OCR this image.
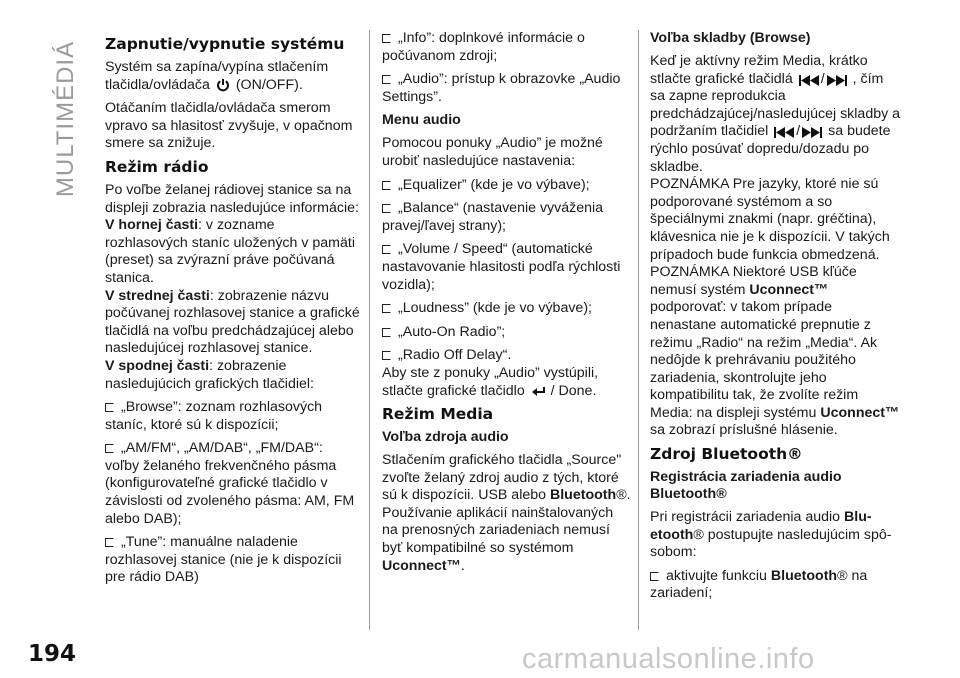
MULTIMÉDIÁ Zapnutie/vypnutie systému

Systém sa zapína/vypína stlačením tlačidla/ovládača (ON/OFF).

Otáčaním tlačidla/ovládača smerom vpravo sa hlasitosť zvyšuje, v opačnom smere sa znižuje.

Režim rádio

Po voľbe želanej rádiovej stanice sa na displeji zobrazia nasledujúce informácie:

V hornej časti: v zozname rozhlasových staníc uložených v pamäti (preset) sa zvýrazní práve počúvaná stanica.

V strednej časti: zobrazenie názvu počúvanej rozhlasovej stanice a grafické tlačidlá na voľbu predchádzajúcej alebo nasledujúcej rozhlasovej stanice.

V spodnej časti: zobrazenie nasledujúcich grafických tlačidiel:

„Browse”: zoznam rozhlasových staníc, ktoré sú k dispozícii;

„AM/FM“, „AM/DAB“, „FM/DAB“: voľby želaného frekvenčného pásma (konfigurovateľné grafické tlačidlo v závislosti od zvoleného pásma: AM, FM alebo DAB);

„Tune”: manuálne naladenie rozhlasovej stanice (nie je k dispozícii pre rádio DAB)

„Info”: doplnkové informácie o počúvanom zdroji;

„Audio”: prístup k obrazovke „Audio Settings”.

Menu audio

Pomocou ponuky „Audio” je možné urobiť nasledujúce nastavenia:

„Equalizer” (kde je vo výbave);

„Balance“ (nastavenie vyváženia pravej/ľavej strany);

„Volume / Speed“ (automatické nastavovanie hlasitosti podľa rýchlosti vozidla);

„Loudness” (kde je vo výbave);

„Auto-On Radio”;

„Radio Off Delay“.

Aby ste z ponuky „Audio” vystúpili, stlačte grafické tlačidlo / Done.

Režim Media
Voľba zdroja audio

Stlačením grafického tlačidla „Source" zvoľte želaný zdroj audio z tých, ktoré sú k dispozícii. USB alebo Bluetooth®. Používanie aplikácií nainštalovaných na prenosných zariadeniach nemusí byť kompatibilné so systémom Uconnect™.

Voľba skladby (Browse)

Keď je aktívny režim Media, krátko stlačte grafické tlačidlá / , čím sa zapne reprodukcia predchádzajúcej/nasledujúcej skladby a podržaním tlačidiel / sa budete rýchlo posúvať dopredu/dozadu po skladbe.

POZNÁMKA Pre jazyky, ktoré nie sú podporované systémom a so špeciálnymi znakmi (napr. gréčtina), klávesnica nie je k dispozícii. V takých prípadoch bude funkcia obmedzená.

POZNÁMKA Niektoré USB kľúče nemusí systém Uconnect™ podporovať: v takom prípade nenastane automatické prepnutie z režimu „Radio“ na režim „Media“. Ak nedôjde k prehrávaniu použitého zariadenia, skontrolujte jeho kompatibilitu tak, že zvolíte režim Media: na displeji systému Uconnect™ sa zobrazí príslušné hlásenie.

Zdroj Bluetooth®
Registrácia zariadenia audio Bluetooth®

Pri registrácii zariadenia audio Blu-etooth® postupujte nasledujúcim spô-sobom:

aktivujte funkciu Bluetooth® na zariadení;

194	carmanualsonline.info
